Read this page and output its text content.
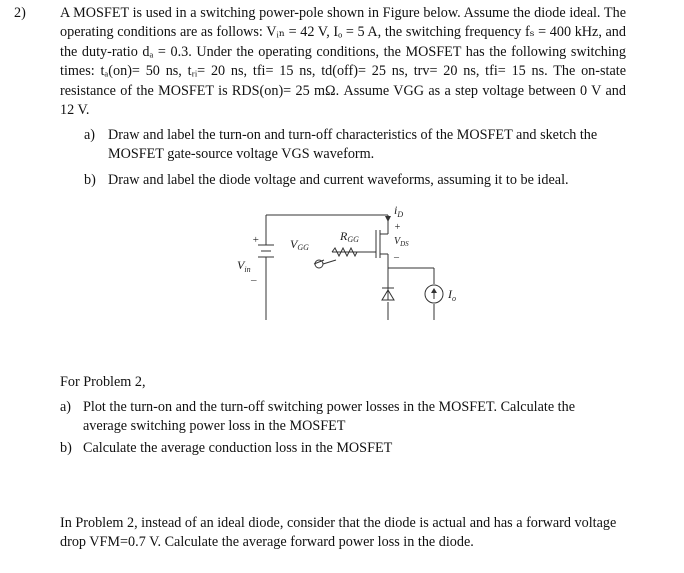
2) A MOSFET is used in a switching power-pole shown in Figure below. Assume the diode ideal. The operating conditions are as follows: Vᵢₙ = 42 V, Iₒ = 5 A, the switching frequency fₛ = 400 kHz, and the duty-ratio dₐ = 0.3. Under the operating conditions, the MOSFET has the following switching times: tₐ(on)= 50 ns, tᵣᵢ= 20 ns, tfi= 15 ns, td(off)= 25 ns, trv= 20 ns, tfi= 15 ns. The on-state resistance of the MOSFET is RDS(on)= 25 mΩ. Assume VGG as a step voltage between 0 V and 12 V.
a) Draw and label the turn-on and turn-off characteristics of the MOSFET and sketch the MOSFET gate-source voltage VGS waveform.
b) Draw and label the diode voltage and current waveforms, assuming it to be ideal.
$i_D$
$V_{DS}$
+
–
RGG
VGG
$V_{in}$
+
–
$I_o$
For Problem 2,
a) Plot the turn-on and the turn-off switching power losses in the MOSFET. Calculate the average switching power loss in the MOSFET
b) Calculate the average conduction loss in the MOSFET
In Problem 2, instead of an ideal diode, consider that the diode is actual and has a forward voltage drop VFM=0.7 V. Calculate the average forward power loss in the diode.
